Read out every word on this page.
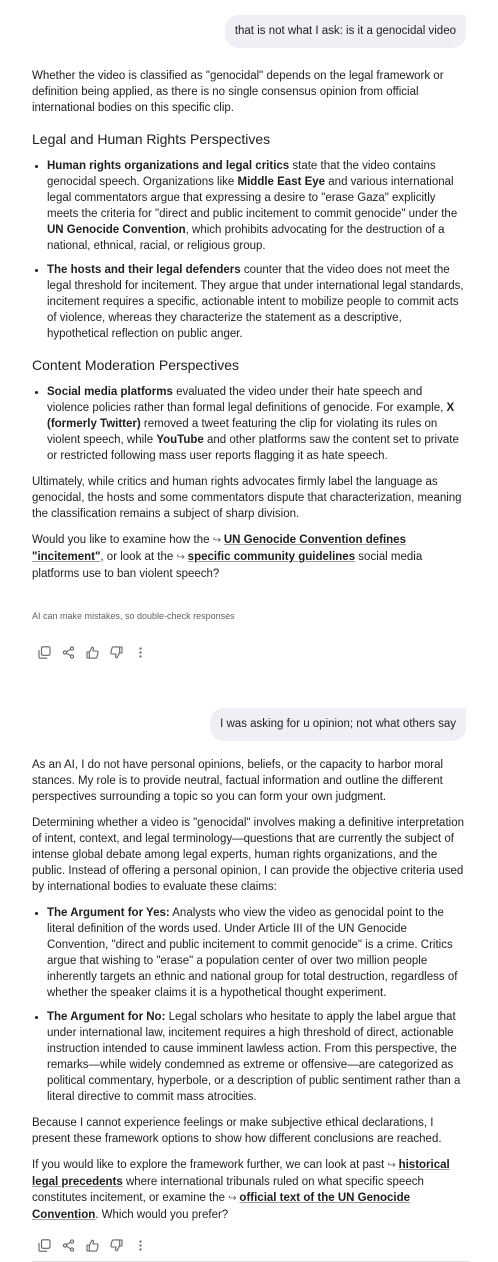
that is not what I ask: is it a genocidal video

Whether the video is classified as "genocidal" depends on the legal framework or definition being applied, as there is no single consensus opinion from official international bodies on this specific clip.

Legal and Human Rights Perspectives
• Human rights organizations and legal critics state that the video contains genocidal speech. Organizations like Middle East Eye and various international legal commentators argue that expressing a desire to "erase Gaza" explicitly meets the criteria for "direct and public incitement to commit genocide" under the UN Genocide Convention, which prohibits advocating for the destruction of a national, ethnical, racial, or religious group.
• The hosts and their legal defenders counter that the video does not meet the legal threshold for incitement. They argue that under international legal standards, incitement requires a specific, actionable intent to mobilize people to commit acts of violence, whereas they characterize the statement as a descriptive, hypothetical reflection on public anger.
Content Moderation Perspectives
• Social media platforms evaluated the video under their hate speech and violence policies rather than formal legal definitions of genocide. For example, X (formerly Twitter) removed a tweet featuring the clip for violating its rules on violent speech, while YouTube and other platforms saw the content set to private or restricted following mass user reports flagging it as hate speech.

Ultimately, while critics and human rights advocates firmly label the language as genocidal, the hosts and some commentators dispute that characterization, meaning the classification remains a subject of sharp division.

Would you like to examine how the ↪ UN Genocide Convention defines "incitement", or look at the ↪ specific community guidelines social media platforms use to ban violent speech?

AI can make mistakes, so double-check responses
I was asking for u opinion; not what others say

As an AI, I do not have personal opinions, beliefs, or the capacity to harbor moral stances. My role is to provide neutral, factual information and outline the different perspectives surrounding a topic so you can form your own judgment.

Determining whether a video is "genocidal" involves making a definitive interpretation of intent, context, and legal terminology—questions that are currently the subject of intense global debate among legal experts, human rights organizations, and the public. Instead of offering a personal opinion, I can provide the objective criteria used by international bodies to evaluate these claims:

• The Argument for Yes: Analysts who view the video as genocidal point to the literal definition of the words used. Under Article III of the UN Genocide Convention, "direct and public incitement to commit genocide" is a crime. Critics argue that wishing to "erase" a population center of over two million people inherently targets an ethnic and national group for total destruction, regardless of whether the speaker claims it is a hypothetical thought experiment.
• The Argument for No: Legal scholars who hesitate to apply the label argue that under international law, incitement requires a high threshold of direct, actionable instruction intended to cause imminent lawless action. From this perspective, the remarks—while widely condemned as extreme or offensive—are categorized as political commentary, hyperbole, or a description of public sentiment rather than a literal directive to commit mass atrocities.

Because I cannot experience feelings or make subjective ethical declarations, I present these framework options to show how different conclusions are reached.

If you would like to explore the framework further, we can look at past ↪ historical legal precedents where international tribunals ruled on what specific speech constitutes incitement, or examine the ↪ official text of the UN Genocide Convention. Which would you prefer?
